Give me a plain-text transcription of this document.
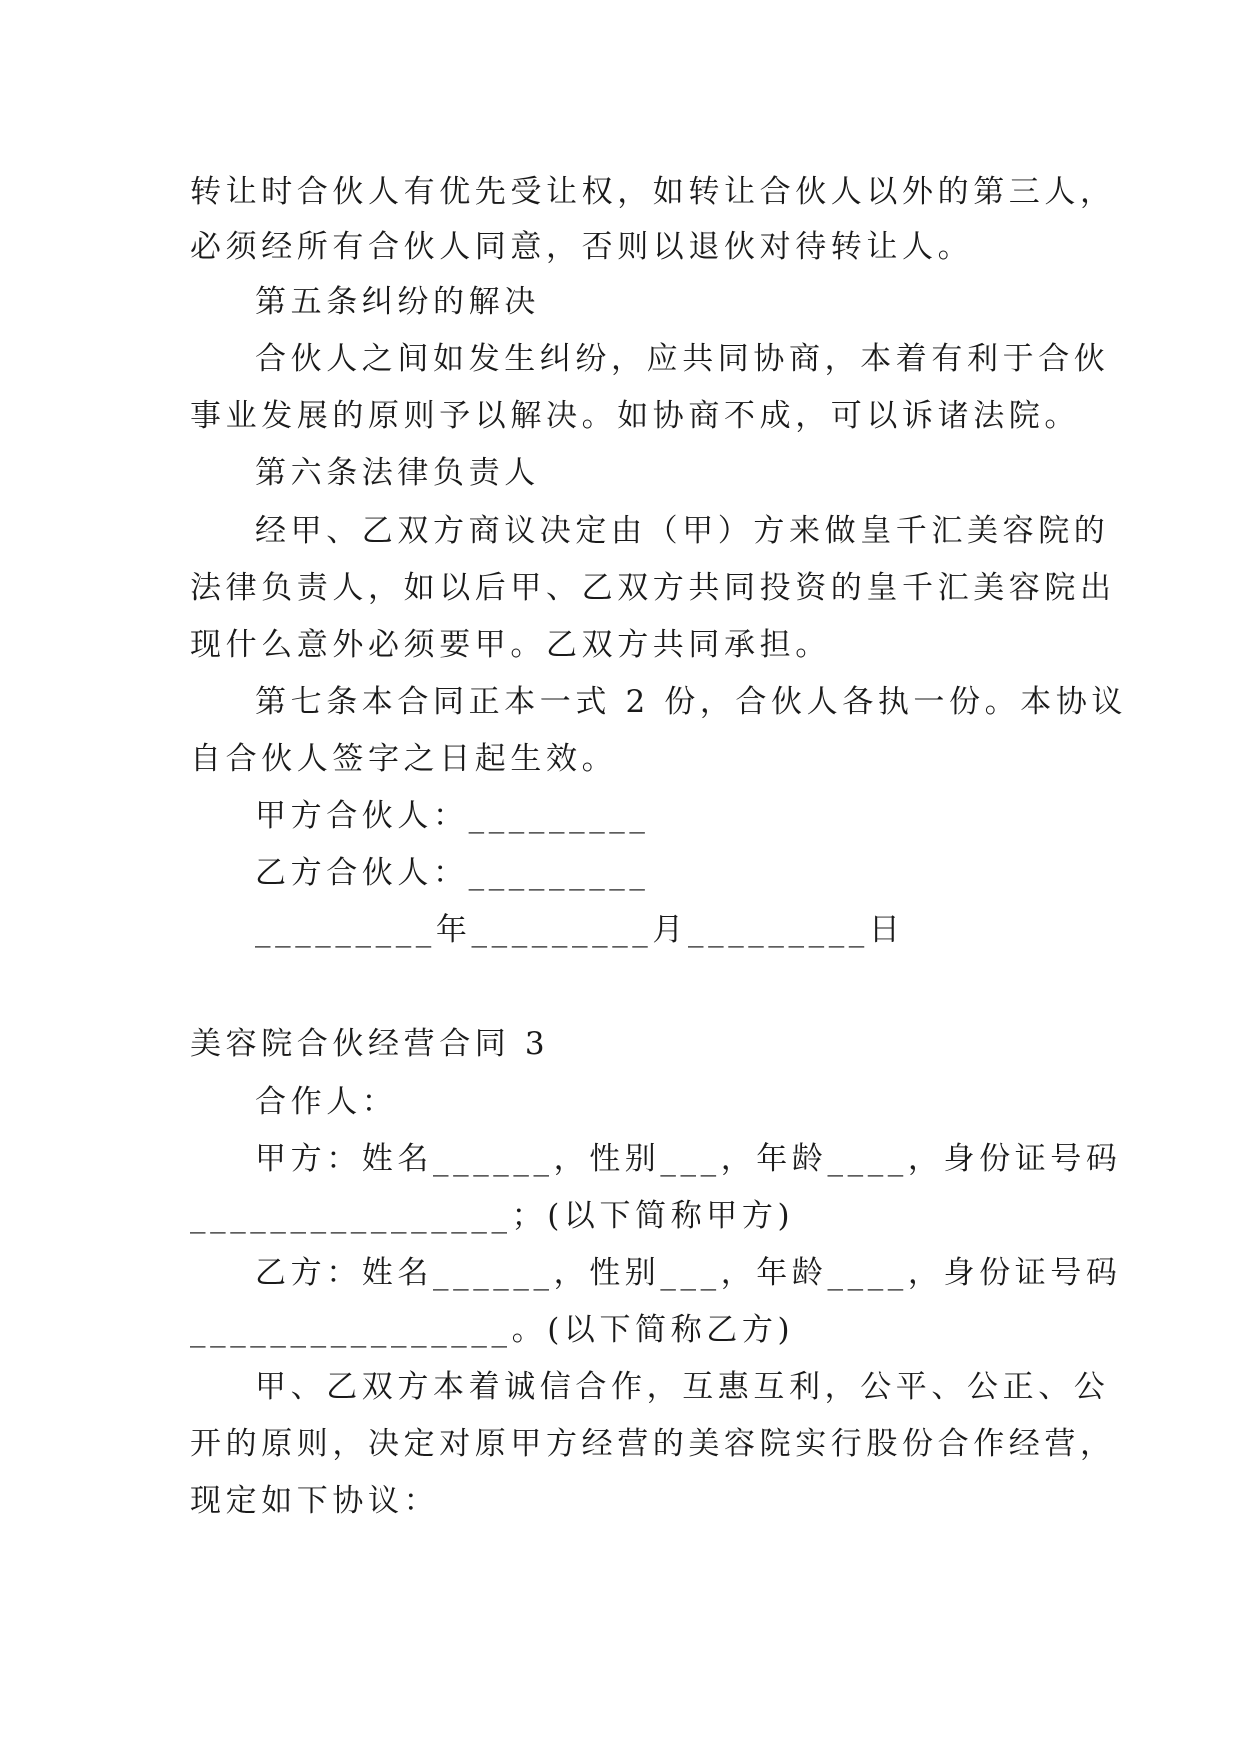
转让时合伙人有优先受让权，如转让合伙人以外的第三人，
必须经所有合伙人同意，否则以退伙对待转让人。
第五条纠纷的解决
合伙人之间如发生纠纷，应共同协商，本着有利于合伙
事业发展的原则予以解决。如协商不成，可以诉诸法院。
第六条法律负责人
经甲、乙双方商议决定由（甲）方来做皇千汇美容院的
法律负责人，如以后甲、乙双方共同投资的皇千汇美容院出
现什么意外必须要甲。乙双方共同承担。
第七条本合同正本一式 2 份，合伙人各执一份。本协议
自合伙人签字之日起生效。
甲方合伙人：_________
乙方合伙人：_________
_________年_________月_________日
美容院合伙经营合同 3
合作人：
甲方：姓名______，性别___，年龄____，身份证号码
________________；(以下简称甲方)
乙方：姓名______，性别___，年龄____，身份证号码
________________。(以下简称乙方)
甲、乙双方本着诚信合作，互惠互利，公平、公正、公
开的原则，决定对原甲方经营的美容院实行股份合作经营，
现定如下协议：
